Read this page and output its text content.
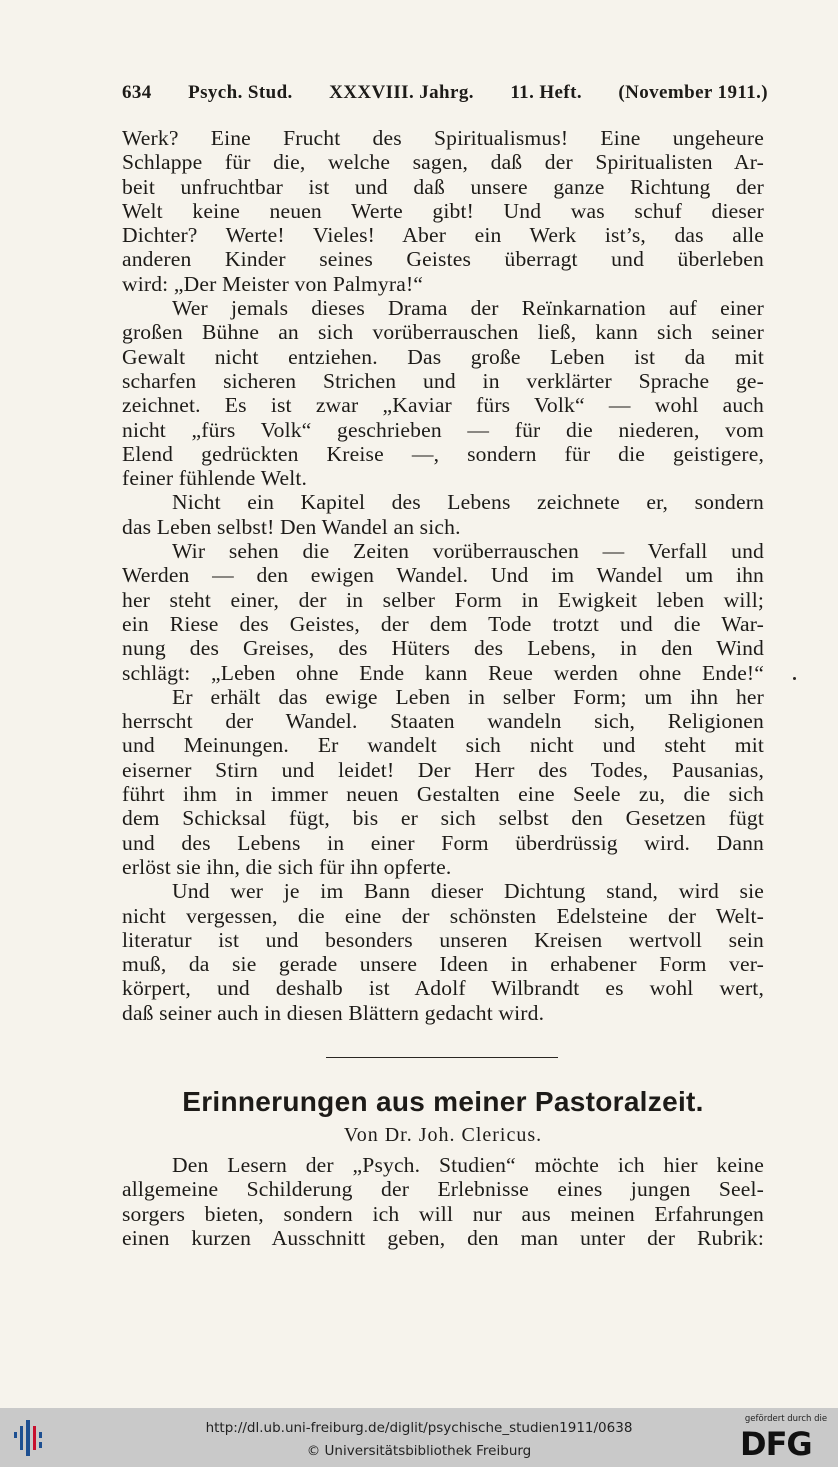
634 Psych. Stud. XXXVIII. Jahrg. 11. Heft. (November 1911.)
Werk? Eine Frucht des Spiritualismus! Eine ungeheure
Schlappe für die, welche sagen, daß der Spiritualisten Ar-
beit unfruchtbar ist und daß unsere ganze Richtung der
Welt keine neuen Werte gibt! Und was schuf dieser
Dichter? Werte! Vieles! Aber ein Werk ist’s, das alle
anderen Kinder seines Geistes überragt und überleben
wird: „Der Meister von Palmyra!“
Wer jemals dieses Drama der Reïnkarnation auf einer
großen Bühne an sich vorüberrauschen ließ, kann sich seiner
Gewalt nicht entziehen. Das große Leben ist da mit
scharfen sicheren Strichen und in verklärter Sprache ge-
zeichnet. Es ist zwar „Kaviar fürs Volk“ — wohl auch
nicht „fürs Volk“ geschrieben — für die niederen, vom
Elend gedrückten Kreise —, sondern für die geistigere,
feiner fühlende Welt.
Nicht ein Kapitel des Lebens zeichnete er, sondern
das Leben selbst! Den Wandel an sich.
Wir sehen die Zeiten vorüberrauschen — Verfall und
Werden — den ewigen Wandel. Und im Wandel um ihn
her steht einer, der in selber Form in Ewigkeit leben will;
ein Riese des Geistes, der dem Tode trotzt und die War-
nung des Greises, des Hüters des Lebens, in den Wind
schlägt: „Leben ohne Ende kann Reue werden ohne Ende!“
Er erhält das ewige Leben in selber Form; um ihn her
herrscht der Wandel. Staaten wandeln sich, Religionen
und Meinungen. Er wandelt sich nicht und steht mit
eiserner Stirn und leidet! Der Herr des Todes, Pausanias,
führt ihm in immer neuen Gestalten eine Seele zu, die sich
dem Schicksal fügt, bis er sich selbst den Gesetzen fügt
und des Lebens in einer Form überdrüssig wird. Dann
erlöst sie ihn, die sich für ihn opferte.
Und wer je im Bann dieser Dichtung stand, wird sie
nicht vergessen, die eine der schönsten Edelsteine der Welt-
literatur ist und besonders unseren Kreisen wertvoll sein
muß, da sie gerade unsere Ideen in erhabener Form ver-
körpert, und deshalb ist Adolf Wilbrandt es wohl wert,
daß seiner auch in diesen Blättern gedacht wird.
Erinnerungen aus meiner Pastoralzeit.
Von Dr. Joh. Clericus.
Den Lesern der „Psych. Studien“ möchte ich hier keine
allgemeine Schilderung der Erlebnisse eines jungen Seel-
sorgers bieten, sondern ich will nur aus meinen Erfahrungen
einen kurzen Ausschnitt geben, den man unter der Rubrik:
http://dl.ub.uni-freiburg.de/diglit/psychische_studien1911/0638
© Universitätsbibliothek Freiburg
gefördert durch die
DFG
